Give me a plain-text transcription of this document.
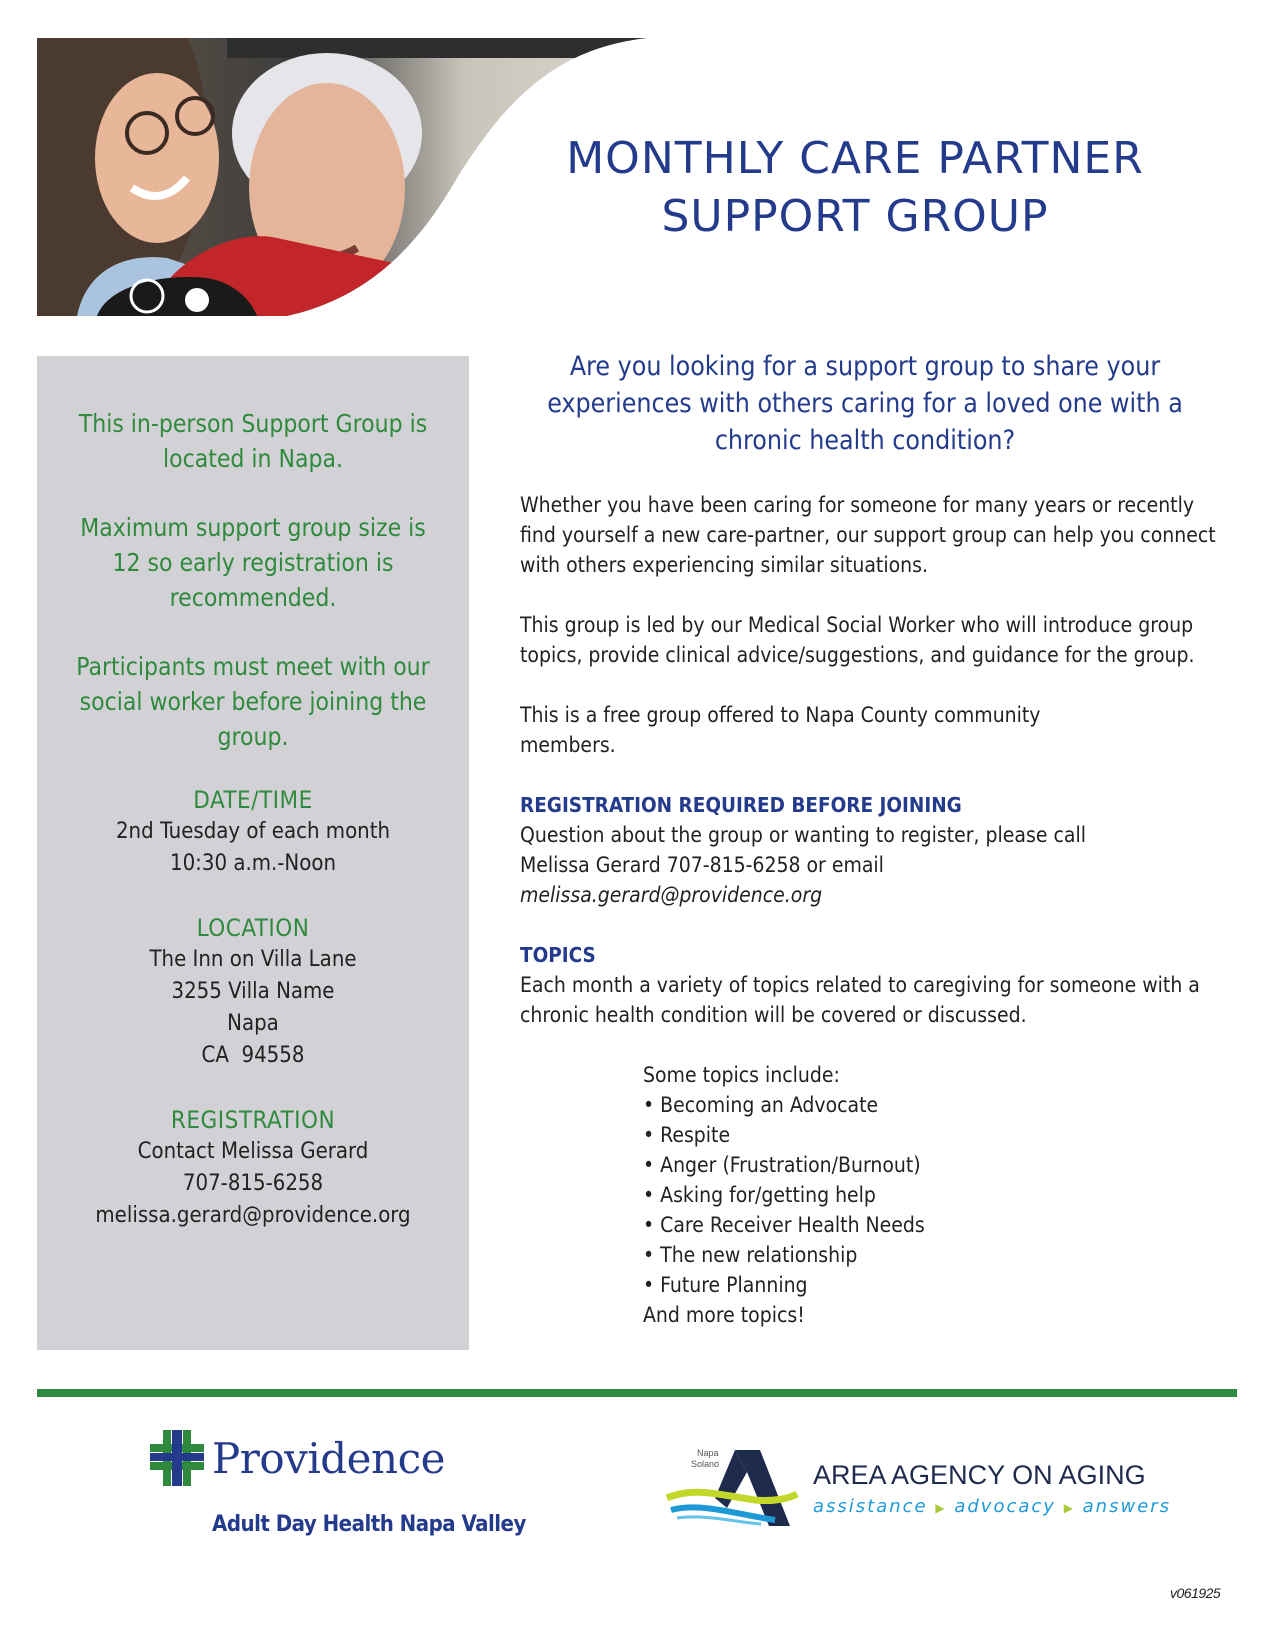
MONTHLY CARE PARTNER
SUPPORT GROUP

This in-person Support Group is located in Napa.

Maximum support group size is 12 so early registration is recommended.

Participants must meet with our social worker before joining the group.

DATE/TIME

2nd Tuesday of each month

10:30 a.m.-Noon

LOCATION

The Inn on Villa Lane

3255 Villa Name

Napa

CA  94558

REGISTRATION

Contact Melissa Gerard

707-815-6258

melissa.gerard@providence.org

Are you looking for a support group to share your experiences with others caring for a loved one with a chronic health condition?

Whether you have been caring for someone for many years or recently find yourself a new care-partner, our support group can help you connect with others experiencing similar situations.

This group is led by our Medical Social Worker who will introduce group topics, provide clinical advice/suggestions, and guidance for the group.

This is a free group offered to Napa County community members.

REGISTRATION REQUIRED BEFORE JOINING
Question about the group or wanting to register, please call Melissa Gerard 707-815-6258 or email
melissa.gerard@providence.org
TOPICS
Each month a variety of topics related to caregiving for someone with a chronic health condition will be covered or discussed.
Some topics include:
• Becoming an Advocate
• Respite
• Anger (Frustration/Burnout)
• Asking for/getting help
• Care Receiver Health Needs
• The new relationship
• Future Planning
And more topics!
Providence
Adult Day Health Napa Valley
Napa
Solano	AREA AGENCY ON AGING
assistance ▶ advocacy ▶ answers
v061925
